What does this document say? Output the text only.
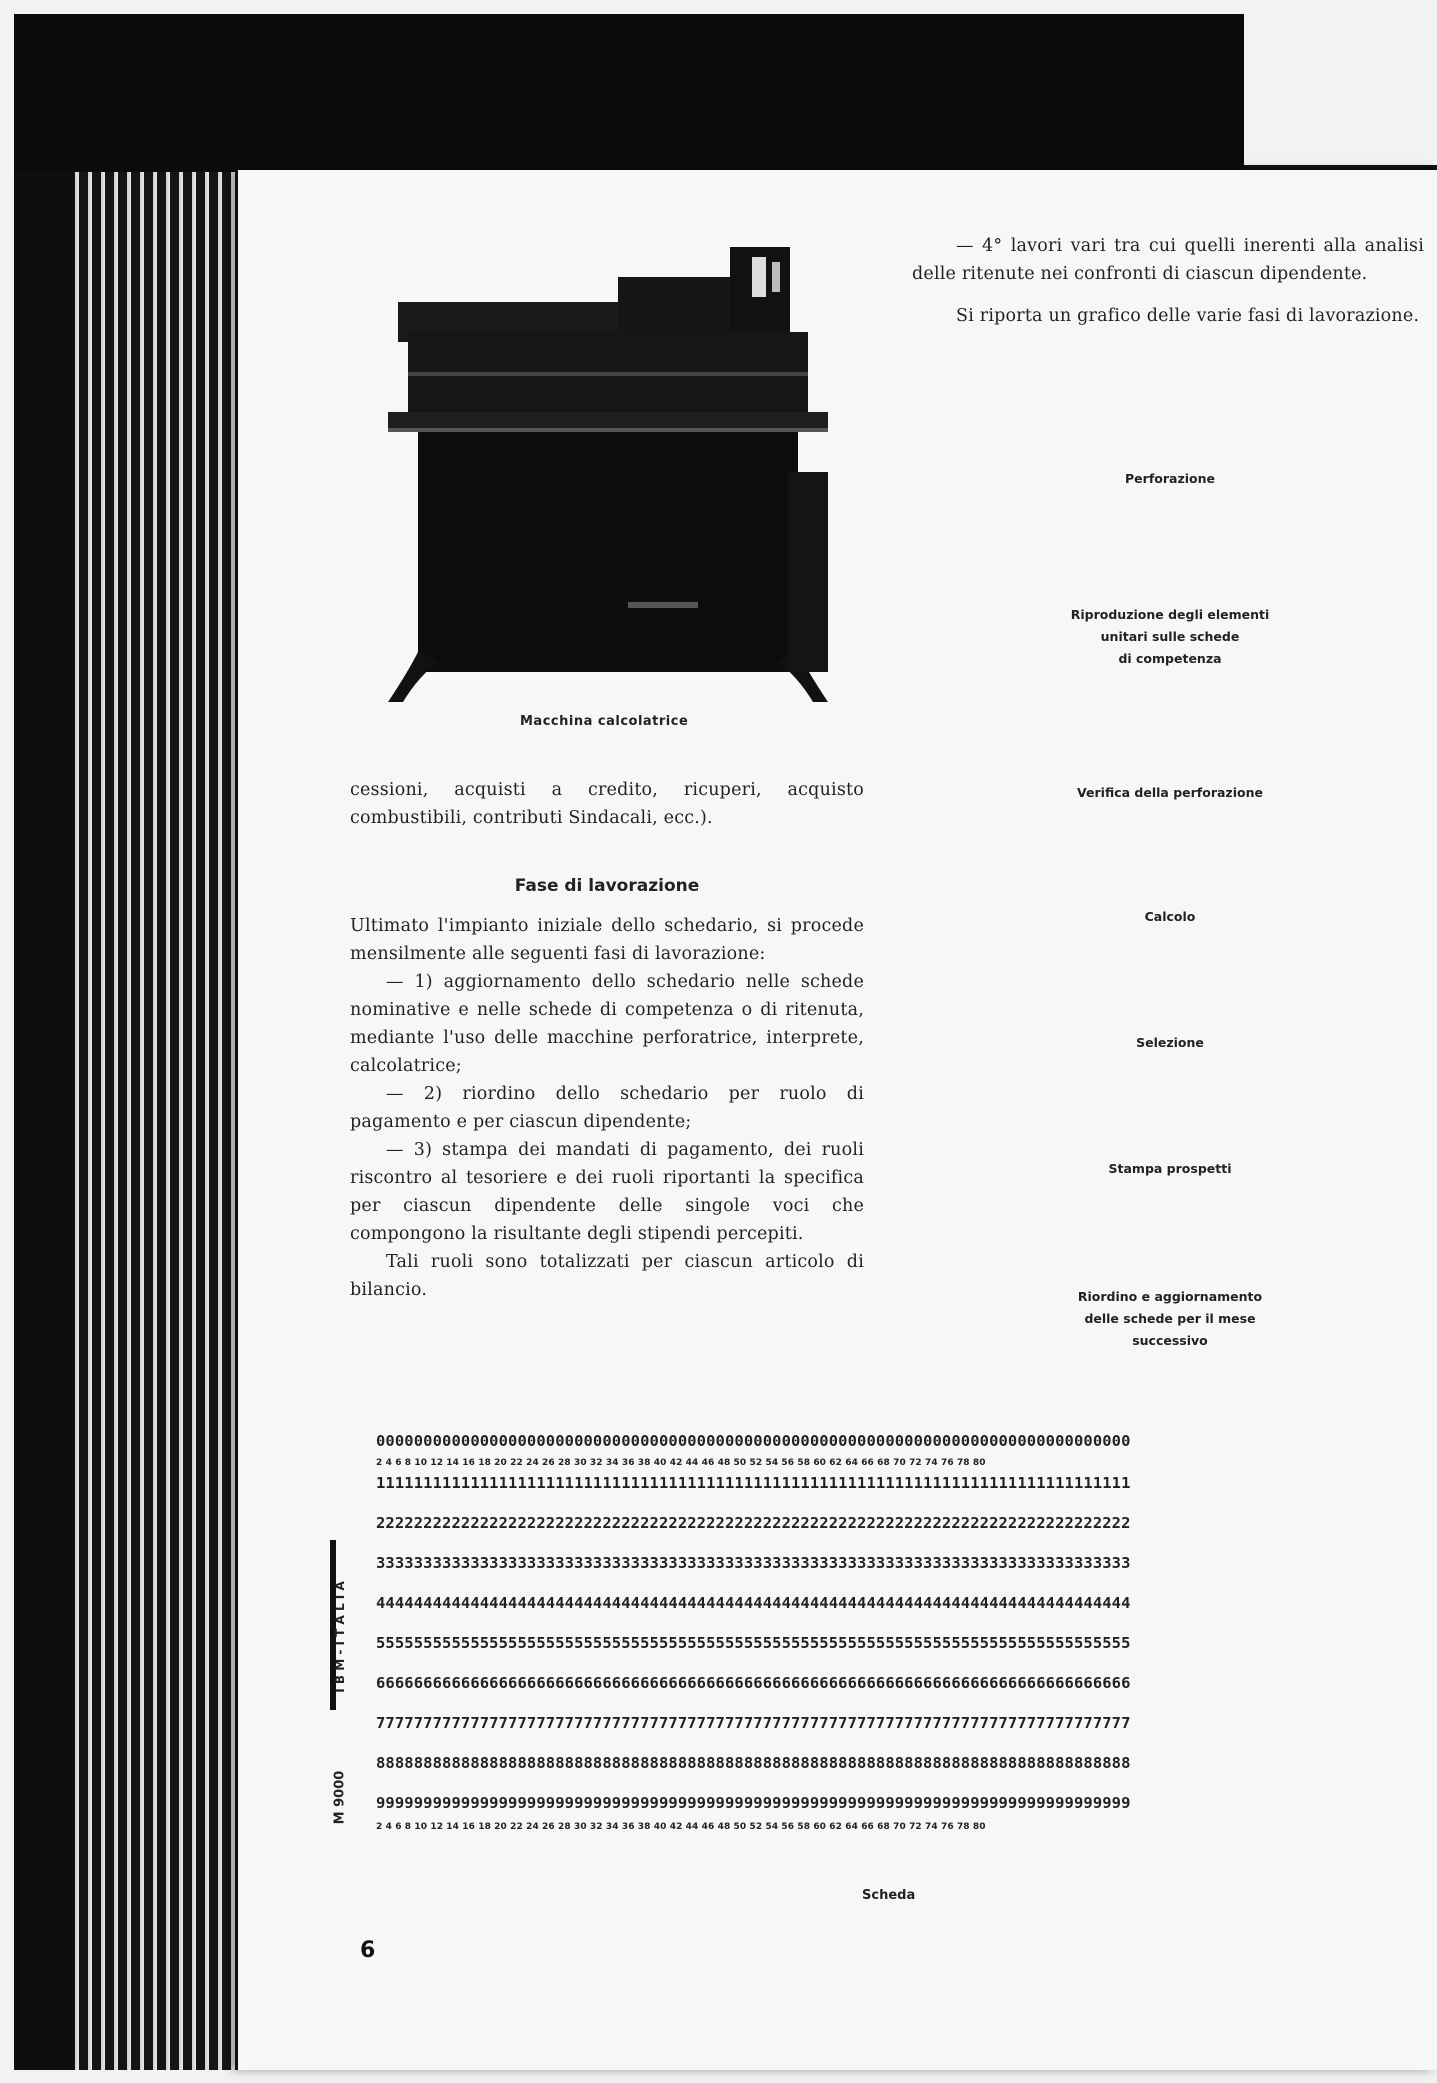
Macchina calcolatrice

— 4° lavori vari tra cui quelli inerenti alla analisi delle ritenute nei confronti di ciascun dipendente.

Si riporta un grafico delle varie fasi di lavorazione.

cessioni, acquisti a credito, ricuperi, acquisto combustibili, contributi Sindacali, ecc.).
Fase di lavorazione

Ultimato l'impianto iniziale dello schedario, si procede mensilmente alle seguenti fasi di lavorazione:

— 1) aggiornamento dello schedario nelle schede nominative e nelle schede di competenza o di ritenuta, mediante l'uso delle macchine perforatrice, interprete, calcolatrice;

— 2) riordino dello schedario per ruolo di pagamento e per ciascun dipendente;

— 3) stampa dei mandati di pagamento, dei ruoli riscontro al tesoriere e dei ruoli riportanti la specifica per ciascun dipendente delle singole voci che compongono la risultante degli stipendi percepiti.

Tali ruoli sono totalizzati per ciascun articolo di bilancio.

Perforazione
Riproduzione degli elementi
unitari sulle schede
di competenza
Verifica della perforazione
Calcolo
Selezione
Stampa prospetti
Riordino e aggiornamento
delle schede per il mese
successivo
I B M - I T A L I A
M 9000
00000000000000000000000000000000000000000000000000000000000000000000000000000000
2 4 6 8 10 12 14 16 18 20 22 24 26 28 30 32 34 36 38 40 42 44 46 48 50 52 54 56 58 60 62 64 66 68 70 72 74 76 78 80
11111111111111111111111111111111111111111111111111111111111111111111111111111111
22222222222222222222222222222222222222222222222222222222222222222222222222222222
33333333333333333333333333333333333333333333333333333333333333333333333333333333
44444444444444444444444444444444444444444444444444444444444444444444444444444444
55555555555555555555555555555555555555555555555555555555555555555555555555555555
66666666666666666666666666666666666666666666666666666666666666666666666666666666
77777777777777777777777777777777777777777777777777777777777777777777777777777777
88888888888888888888888888888888888888888888888888888888888888888888888888888888
99999999999999999999999999999999999999999999999999999999999999999999999999999999
2 4 6 8 10 12 14 16 18 20 22 24 26 28 30 32 34 36 38 40 42 44 46 48 50 52 54 56 58 60 62 64 66 68 70 72 74 76 78 80
Scheda
6
